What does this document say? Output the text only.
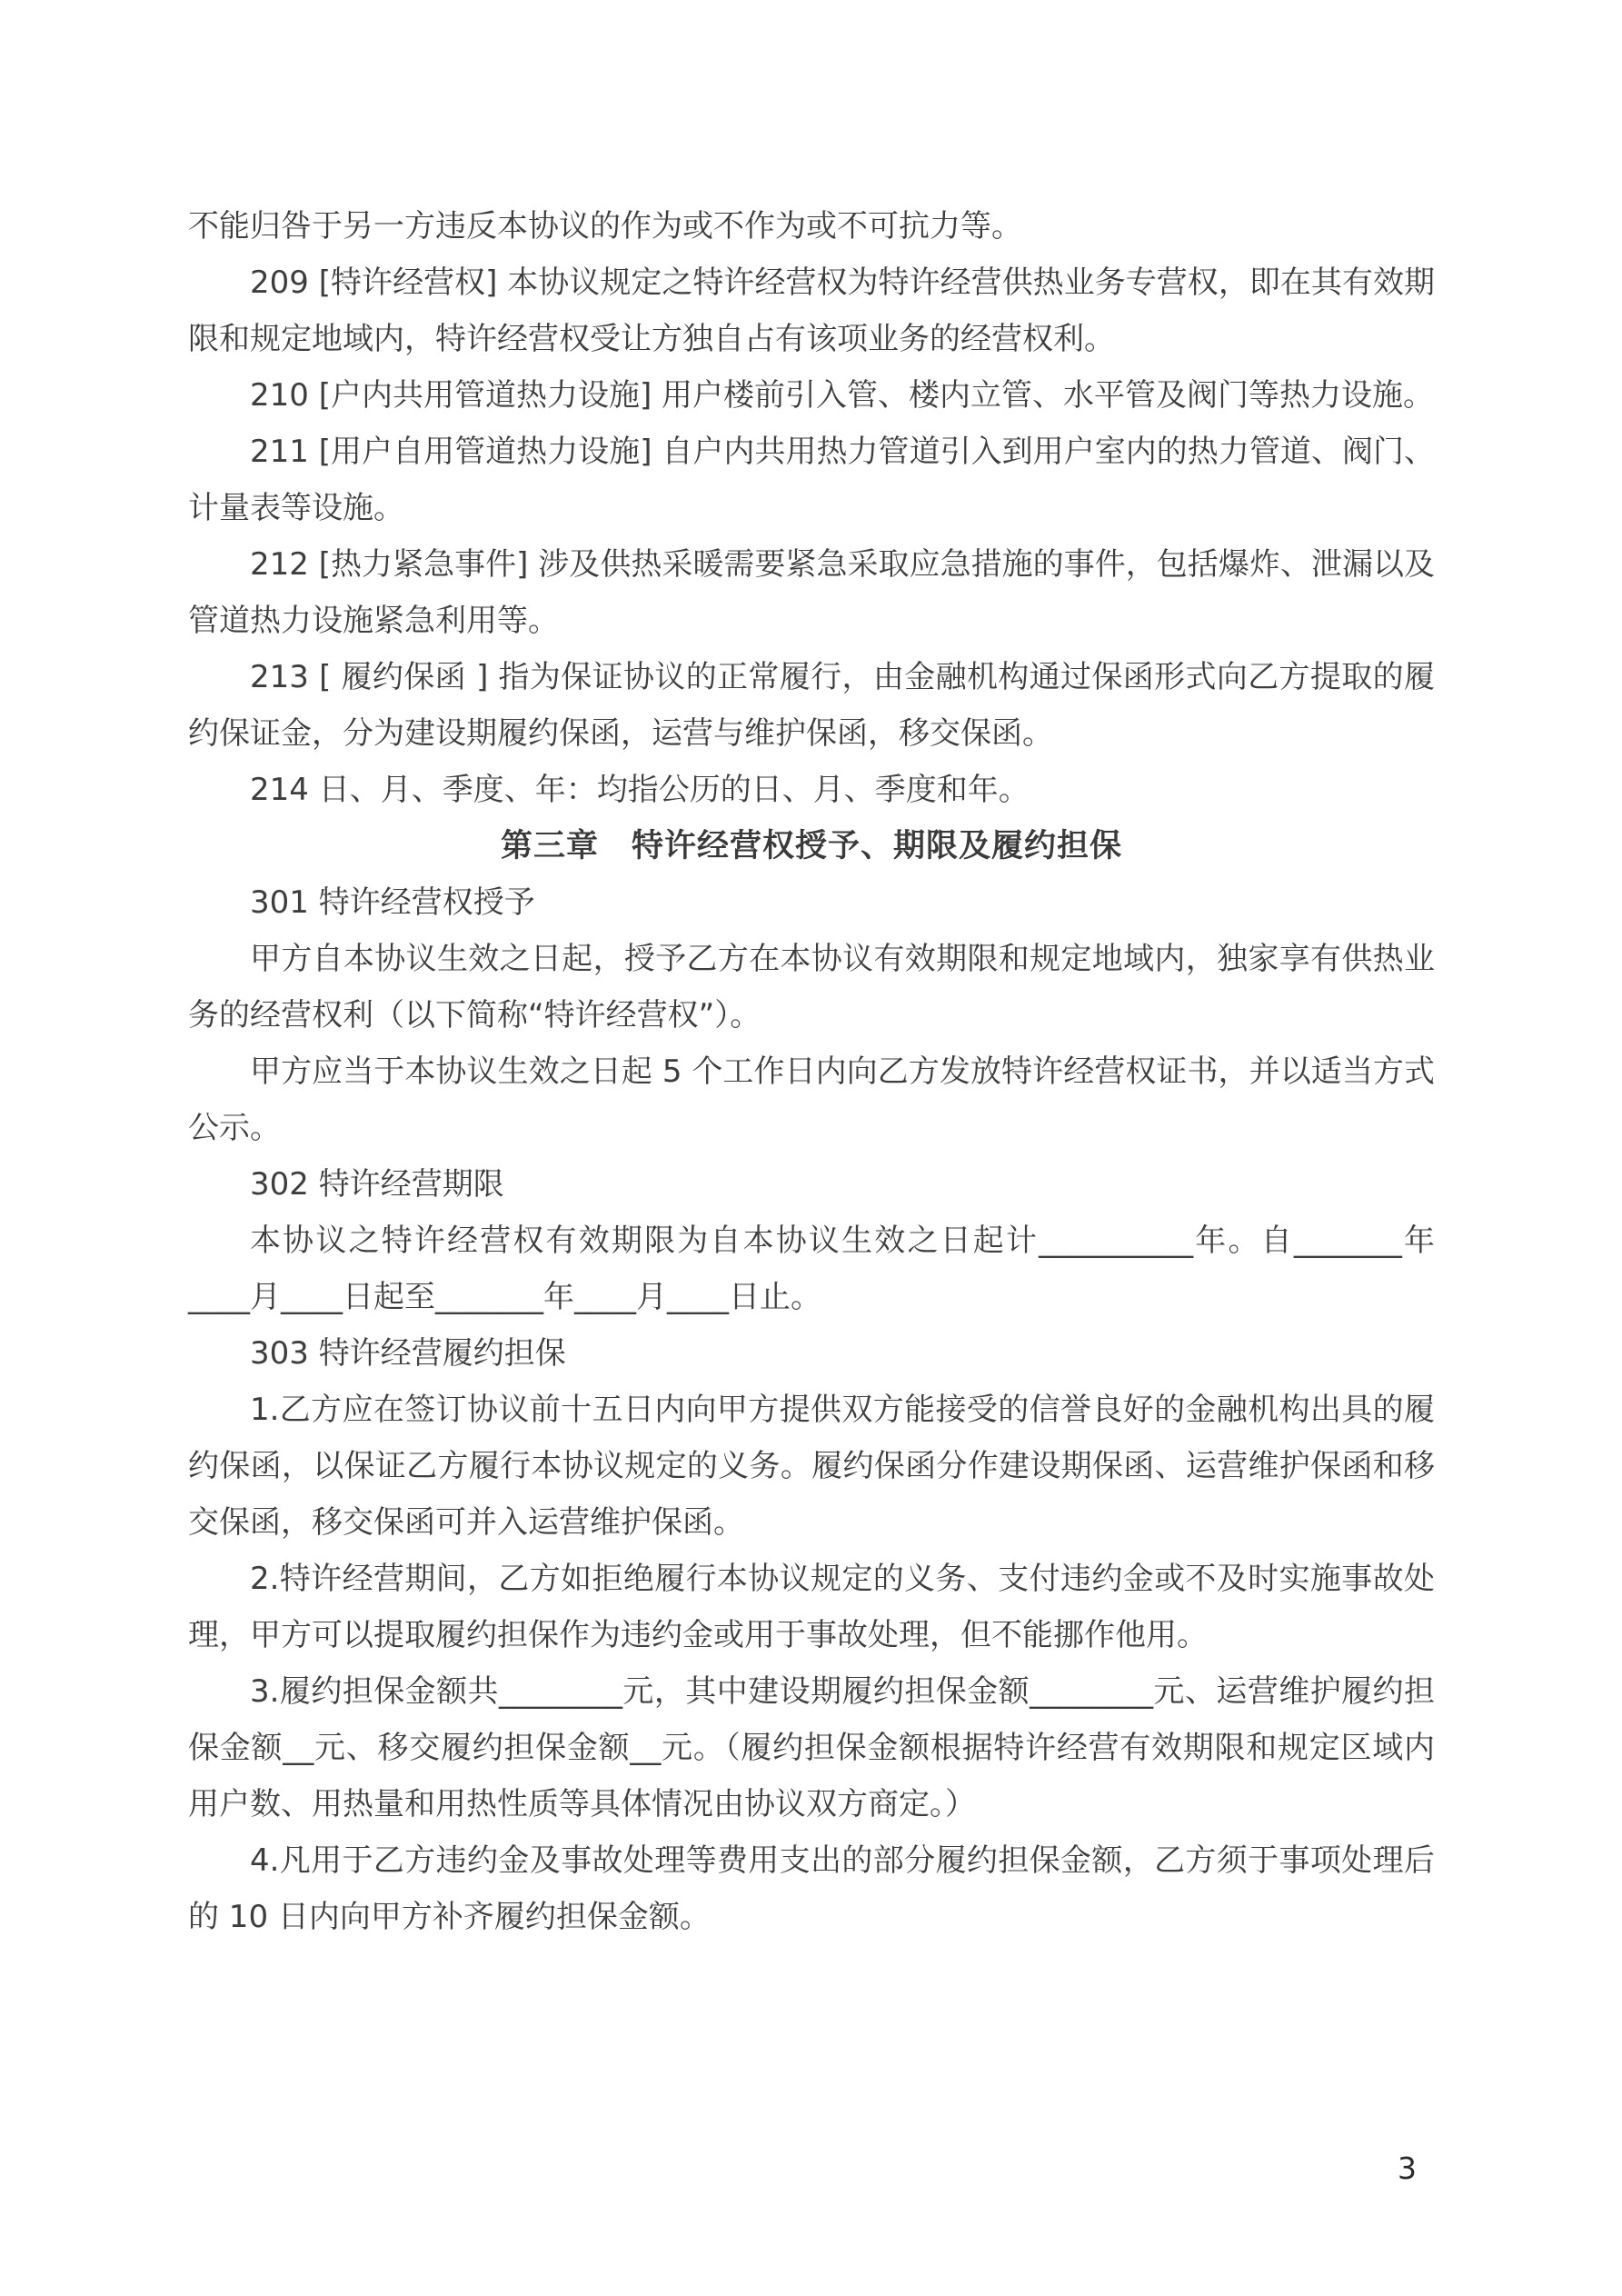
不能归咎于另一方违反本协议的作为或不作为或不可抗力等。

209 [特许经营权] 本协议规定之特许经营权为特许经营供热业务专营权，即在其有效期限和规定地域内，特许经营权受让方独自占有该项业务的经营权利。

210 [户内共用管道热力设施] 用户楼前引入管、楼内立管、水平管及阀门等热力设施。

211 [用户自用管道热力设施] 自户内共用热力管道引入到用户室内的热力管道、阀门、计量表等设施。

212 [热力紧急事件] 涉及供热采暖需要紧急采取应急措施的事件，包括爆炸、泄漏以及管道热力设施紧急利用等。

213 [ 履约保函 ] 指为保证协议的正常履行，由金融机构通过保函形式向乙方提取的履约保证金，分为建设期履约保函，运营与维护保函，移交保函。

214 日、月、季度、年：均指公历的日、月、季度和年。

第三章　特许经营权授予、期限及履约担保

301 特许经营权授予

甲方自本协议生效之日起，授予乙方在本协议有效期限和规定地域内，独家享有供热业务的经营权利（以下简称“特许经营权”）。

甲方应当于本协议生效之日起 5 个工作日内向乙方发放特许经营权证书，并以适当方式公示。

302 特许经营期限

本协议之特许经营权有效期限为自本协议生效之日起计__________年。自_______年____月____日起至_______年____月____日止。

303 特许经营履约担保

1.乙方应在签订协议前十五日内向甲方提供双方能接受的信誉良好的金融机构出具的履约保函，以保证乙方履行本协议规定的义务。履约保函分作建设期保函、运营维护保函和移交保函，移交保函可并入运营维护保函。

2.特许经营期间，乙方如拒绝履行本协议规定的义务、支付违约金或不及时实施事故处理，甲方可以提取履约担保作为违约金或用于事故处理，但不能挪作他用。

3.履约担保金额共________元，其中建设期履约担保金额________元、运营维护履约担保金额__元、移交履约担保金额__元。（履约担保金额根据特许经营有效期限和规定区域内用户数、用热量和用热性质等具体情况由协议双方商定。）

4.凡用于乙方违约金及事故处理等费用支出的部分履约担保金额，乙方须于事项处理后的 10 日内向甲方补齐履约担保金额。

3
